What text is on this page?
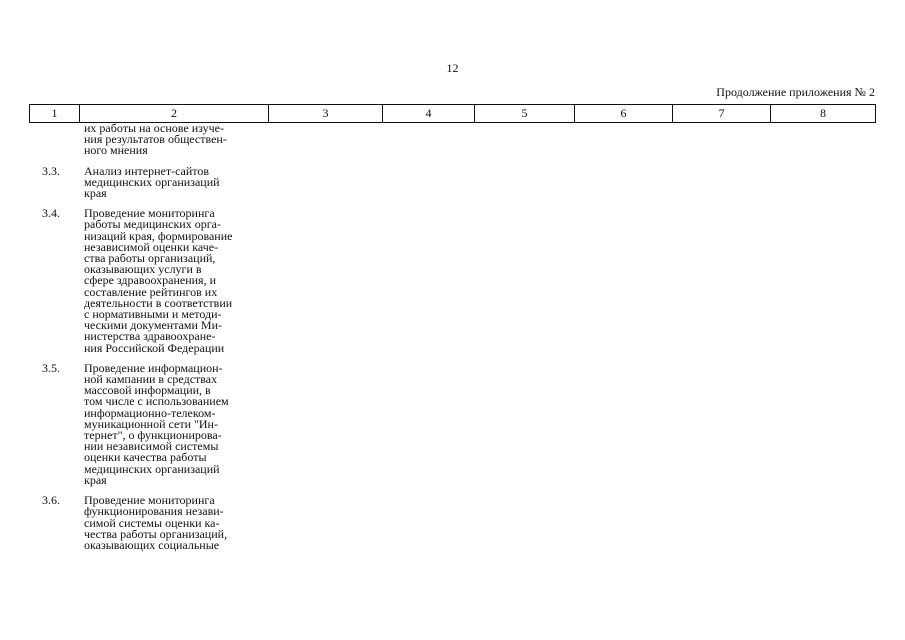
12
Продолжение приложения № 2
1	2	3	4	5	6	7	8
их работы на основе изуче-
ния результатов обществен-
ного мнения
3.3. Анализ интернет-сайтов
медицинских организаций
края
3.4. Проведение мониторинга
работы медицинских орга-
низаций края, формирование
независимой оценки каче-
ства работы организаций,
оказывающих услуги в
сфере здравоохранения, и
составление рейтингов их
деятельности в соответствии
с нормативными и методи-
ческими документами Ми-
нистерства здравоохране-
ния Российской Федерации
3.5. Проведение информацион-
ной кампании в средствах
массовой информации, в
том числе с использованием
информационно-телеком-
муникационной сети "Ин-
тернет", о функционирова-
нии независимой системы
оценки качества работы
медицинских организаций
края
3.6. Проведение мониторинга
функционирования незави-
симой системы оценки ка-
чества работы организаций,
оказывающих социальные
